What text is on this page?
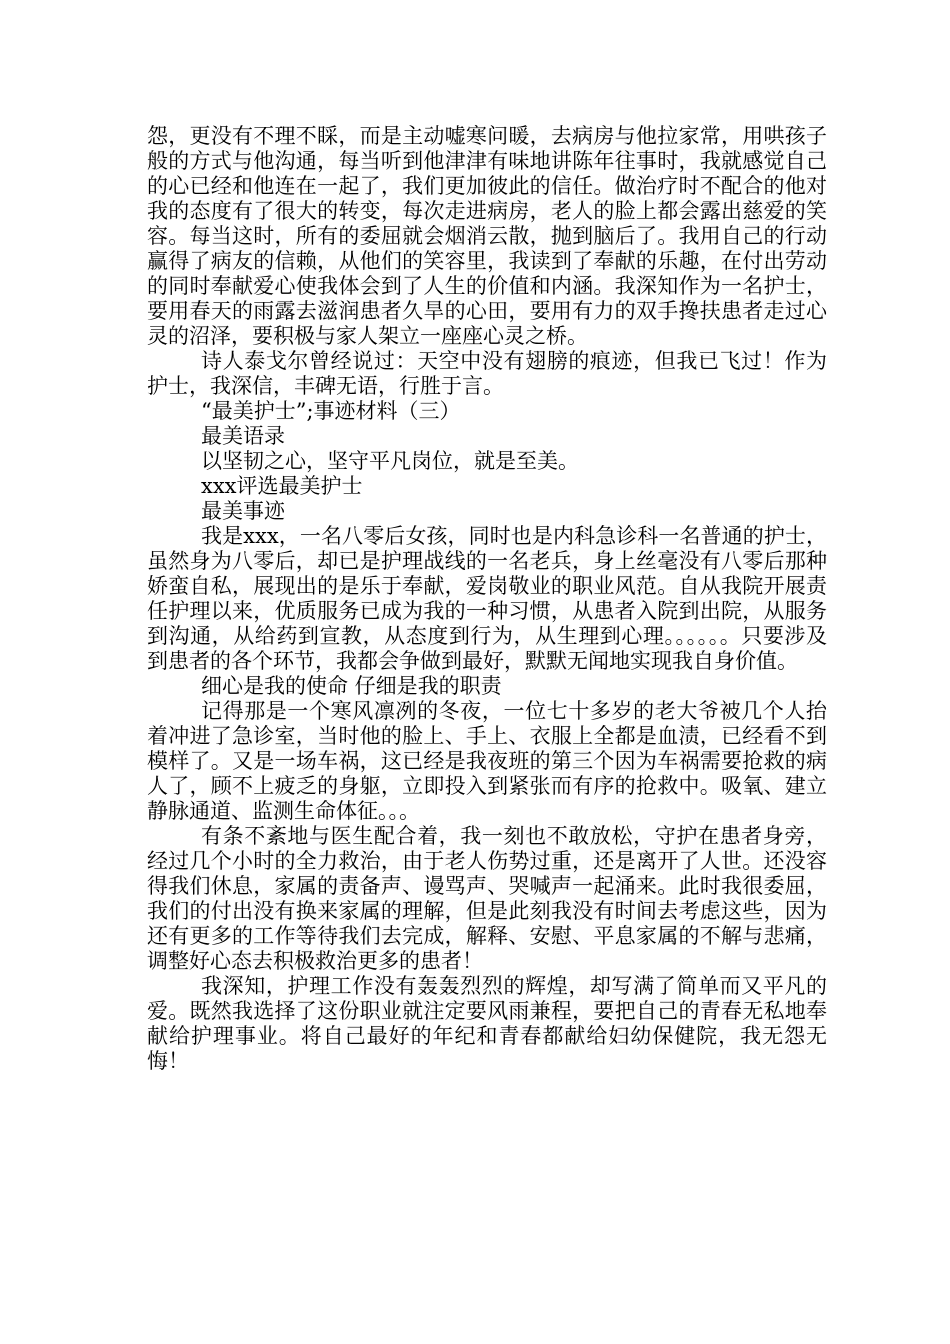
怨，更没有不理不睬，而是主动嘘寒问暖，去病房与他拉家常，用哄孩子般的方式与他沟通，每当听到他津津有味地讲陈年往事时，我就感觉自己的心已经和他连在一起了，我们更加彼此的信任。做治疗时不配合的他对我的态度有了很大的转变，每次走进病房，老人的脸上都会露出慈爱的笑容。每当这时，所有的委屈就会烟消云散，抛到脑后了。我用自己的行动赢得了病友的信赖，从他们的笑容里，我读到了奉献的乐趣，在付出劳动的同时奉献爱心使我体会到了人生的价值和内涵。我深知作为一名护士，要用春天的雨露去滋润患者久旱的心田，要用有力的双手搀扶患者走过心灵的沼泽，要积极与家人架立一座座心灵之桥。

诗人泰戈尔曾经说过：天空中没有翅膀的痕迹，但我已飞过！作为护士，我深信，丰碑无语，行胜于言。

“最美护士”;事迹材料（三）

最美语录

以坚韧之心，坚守平凡岗位，就是至美。

xxx评选最美护士

最美事迹

我是xxx，一名八零后女孩，同时也是内科急诊科一名普通的护士，虽然身为八零后，却已是护理战线的一名老兵，身上丝毫没有八零后那种娇蛮自私，展现出的是乐于奉献，爱岗敬业的职业风范。自从我院开展责任护理以来，优质服务已成为我的一种习惯，从患者入院到出院，从服务到沟通，从给药到宣教，从态度到行为，从生理到心理。。。。。。只要涉及到患者的各个环节，我都会争做到最好，默默无闻地实现我自身价值。

细心是我的使命 仔细是我的职责

记得那是一个寒风凛冽的冬夜，一位七十多岁的老大爷被几个人抬着冲进了急诊室，当时他的脸上、手上、衣服上全都是血渍，已经看不到模样了。又是一场车祸，这已经是我夜班的第三个因为车祸需要抢救的病人了，顾不上疲乏的身躯，立即投入到紧张而有序的抢救中。吸氧、建立静脉通道、监测生命体征。。。

有条不紊地与医生配合着，我一刻也不敢放松，守护在患者身旁，经过几个小时的全力救治，由于老人伤势过重，还是离开了人世。还没容得我们休息，家属的责备声、谩骂声、哭喊声一起涌来。此时我很委屈，我们的付出没有换来家属的理解，但是此刻我没有时间去考虑这些，因为还有更多的工作等待我们去完成，解释、安慰、平息家属的不解与悲痛，调整好心态去积极救治更多的患者！

我深知，护理工作没有轰轰烈烈的辉煌，却写满了简单而又平凡的爱。既然我选择了这份职业就注定要风雨兼程，要把自己的青春无私地奉献给护理事业。将自己最好的年纪和青春都献给妇幼保健院，我无怨无悔！
